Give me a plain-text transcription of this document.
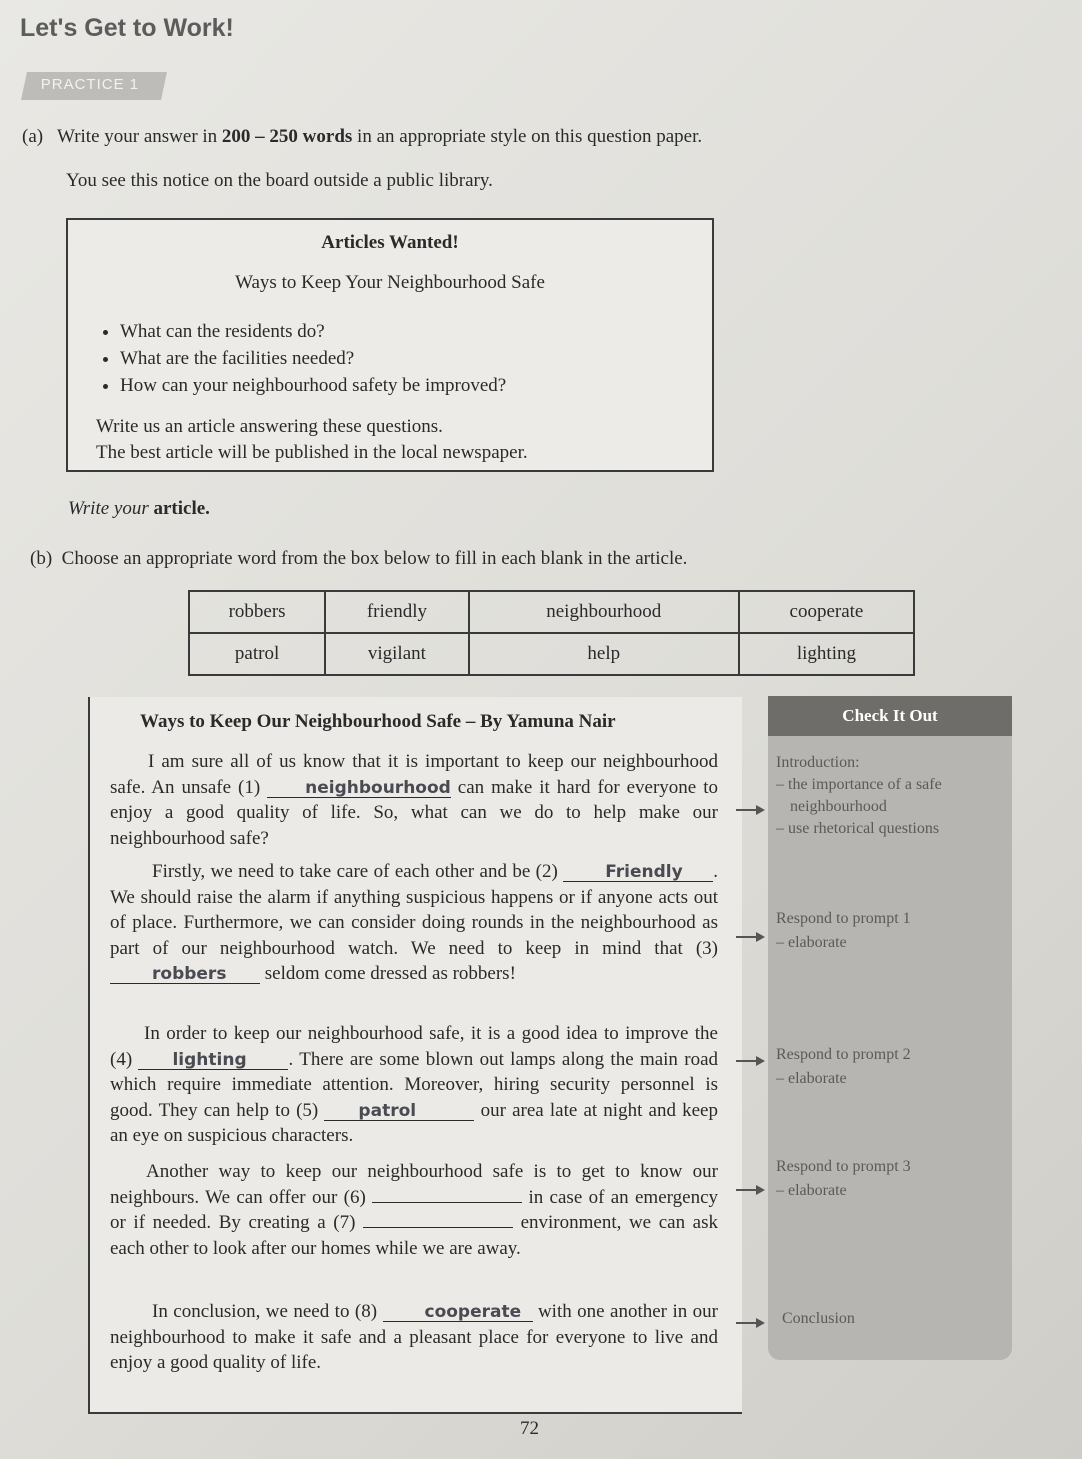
Let's Get to Work!
PRACTICE 1
(a) Write your answer in 200 – 250 words in an appropriate style on this question paper.
You see this notice on the board outside a public library.
Articles Wanted!
Ways to Keep Your Neighbourhood Safe
• What can the residents do?
• What are the facilities needed?
• How can your neighbourhood safety be improved?
Write us an article answering these questions.
The best article will be published in the local newspaper.
Write your article.
(b) Choose an appropriate word from the box below to fill in each blank in the article.
robbers	friendly	neighbourhood	cooperate
patrol	vigilant	help	lighting
Ways to Keep Our Neighbourhood Safe – By Yamuna Nair
I am sure all of us know that it is important to keep our neighbourhood safe. An unsafe (1) neighbourhood can make it hard for everyone to enjoy a good quality of life. So, what can we do to help make our neighbourhood safe?
Firstly, we need to take care of each other and be (2) Friendly . We should raise the alarm if anything suspicious happens or if anyone acts out of place. Furthermore, we can consider doing rounds in the neighbourhood as part of our neighbourhood watch. We need to keep in mind that (3) robbers seldom come dressed as robbers!
In order to keep our neighbourhood safe, it is a good idea to improve the (4) lighting . There are some blown out lamps along the main road which require immediate attention. Moreover, hiring security personnel is good. They can help to (5) patrol	our area late at night and keep an eye on suspicious characters.
Another way to keep our neighbourhood safe is to get to know our neighbours. We can offer our (6)	in case of an emergency or if needed. By creating a (7)	environment, we can ask each other to look after our homes while we are away.
In conclusion, we need to (8) cooperate with one another in our neighbourhood to make it safe and a pleasant place for everyone to live and enjoy a good quality of life.
Check It Out
Introduction:
– the importance of a safe
neighbourhood
– use rhetorical questions
Respond to prompt 1
– elaborate
Respond to prompt 2
– elaborate
Respond to prompt 3
– elaborate
Conclusion
72
